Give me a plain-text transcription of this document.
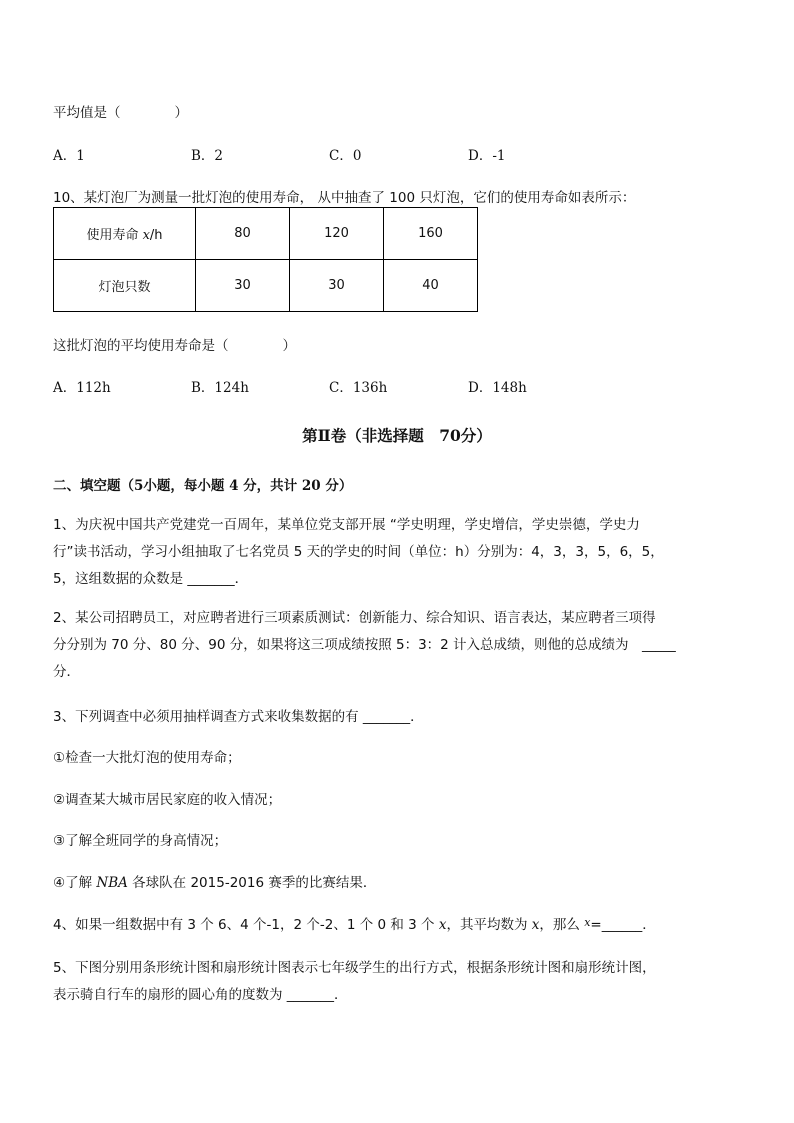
平均值是（　　　　）
A．1	B．2	C．0	D．-1
10、某灯泡厂为测量一批灯泡的使用寿命， 从中抽查了 100 只灯泡，它们的使用寿命如表所示：
使用寿命 x/h	80	120	160
灯泡只数	30	30	40
这批灯泡的平均使用寿命是（　　　　）
A．112h	B．124h	C．136h	D．148h
第Ⅱ卷（非选择题　70分）
二、填空题（5小题，每小题 4 分，共计 20 分）
1、为庆祝中国共产党建党一百周年，某单位党支部开展 “学史明理，学史增信，学史崇德，学史力
行”读书活动，学习小组抽取了七名党员 5 天的学史的时间（单位：h）分别为：4，3，3，5，6，5，
5，这组数据的众数是 _______．
2、某公司招聘员工，对应聘者进行三项素质测试：创新能力、综合知识、语言表达，某应聘者三项得
分分别为 70 分、80 分、90 分，如果将这三项成绩按照 5：3：2 计入总成绩，则他的总成绩为　_____
分．
3、下列调查中必须用抽样调查方式来收集数据的有 _______．
①检查一大批灯泡的使用寿命；
②调查某大城市居民家庭的收入情况；
③了解全班同学的身高情况；
④了解 NBA 各球队在 2015-2016 赛季的比赛结果．
4、如果一组数据中有 3 个 6、4 个-1，2 个-2、1 个 0 和 3 个 x，其平均数为 x，那么 $^x$=______．
5、下图分别用条形统计图和扇形统计图表示七年级学生的出行方式，根据条形统计图和扇形统计图，
表示骑自行车的扇形的圆心角的度数为 _______．
